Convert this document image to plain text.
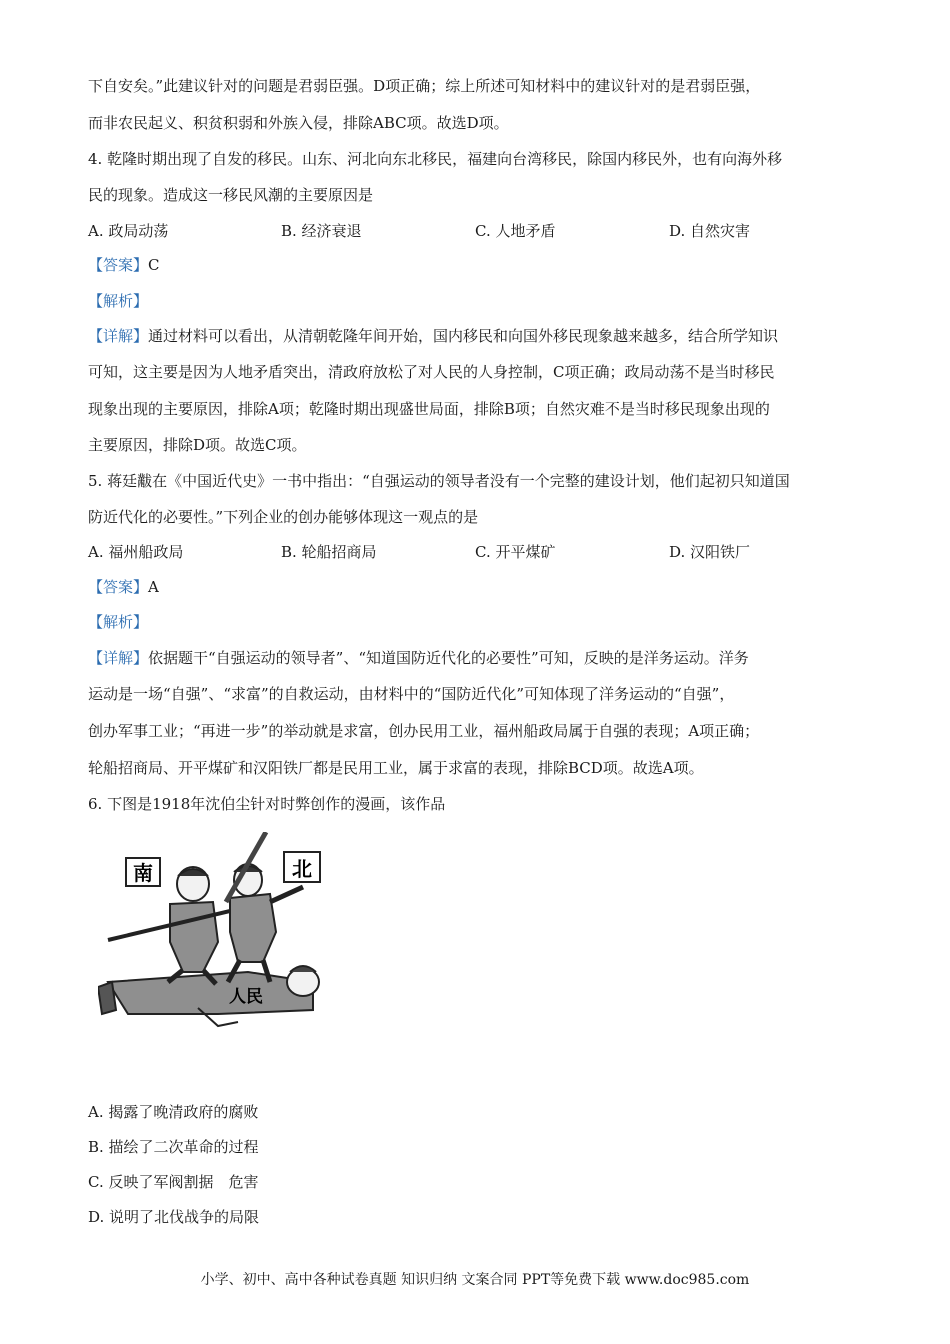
下自安矣。”此建议针对的问题是君弱臣强。D项正确；综上所述可知材料中的建议针对的是君弱臣强，
而非农民起义、积贫积弱和外族入侵，排除ABC项。故选D项。
4. 乾隆时期出现了自发的移民。山东、河北向东北移民，福建向台湾移民，除国内移民外，也有向海外移
民的现象。造成这一移民风潮的主要原因是
A. 政局动荡	B. 经济衰退	C. 人地矛盾	D. 自然灾害
【答案】C
【解析】
【详解】通过材料可以看出，从清朝乾隆年间开始，国内移民和向国外移民现象越来越多，结合所学知识
可知，这主要是因为人地矛盾突出，清政府放松了对人民的人身控制，C项正确；政局动荡不是当时移民
现象出现的主要原因，排除A项；乾隆时期出现盛世局面，排除B项；自然灾难不是当时移民现象出现的
主要原因，排除D项。故选C项。
5. 蒋廷黻在《中国近代史》一书中指出：“自强运动的领导者没有一个完整的建设计划，他们起初只知道国
防近代化的必要性。”下列企业的创办能够体现这一观点的是
A. 福州船政局	B. 轮船招商局	C. 开平煤矿	D. 汉阳铁厂
【答案】A
【解析】
【详解】依据题干“自强运动的领导者”、“知道国防近代化的必要性”可知，反映的是洋务运动。洋务
运动是一场“自强”、“求富”的自救运动，由材料中的“国防近代化”可知体现了洋务运动的“自强”，
创办军事工业；“再进一步”的举动就是求富，创办民用工业，福州船政局属于自强的表现；A项正确；
轮船招商局、开平煤矿和汉阳铁厂都是民用工业，属于求富的表现，排除BCD项。故选A项。
6. 下图是1918年沈伯尘针对时弊创作的漫画，该作品
南	北
人民
A. 揭露了晚清政府的腐败
B. 描绘了二次革命的过程
C. 反映了军阀割据　危害
D. 说明了北伐战争的局限
小学、初中、高中各种试卷真题 知识归纳 文案合同 PPT等免费下载 www.doc985.com
